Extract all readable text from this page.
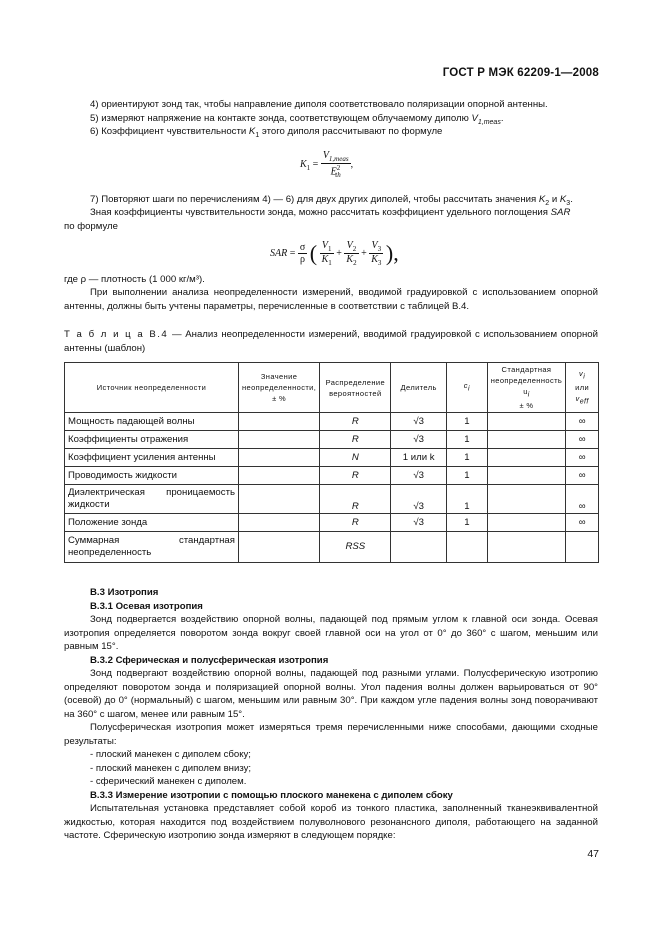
ГОСТ Р МЭК 62209-1—2008
4) ориентируют зонд так, чтобы направление диполя соответствовало поляризации опорной антенны.
5) измеряют напряжение на контакте зонда, соответствующем облучаемому диполю $V_{1,meas}$.
6) Коэффициент чувствительности $K_1$ этого диполя рассчитывают по формуле
$K_1 = \frac{V_{1,meas}}{E^2_{th}}$ ,
7) Повторяют шаги по перечислениям 4) — 6) для двух других диполей, чтобы рассчитать значения $K_2$ и $K_3$.
Зная коэффициенты чувствительности зонда, можно рассчитать коэффициент удельного поглощения SAR
по формуле
SAR = $\frac{\sigma}{\rho}$ ( $\frac{V_1}{K_1} + \frac{V_2}{K_2} + \frac{V_3}{K_3}$ ),
где ρ — плотность (1 000 кг/м³).

При выполнении анализа неопределенности измерений, вводимой градуировкой с использованием опорной антенны, должны быть учтены параметры, перечисленные в соответствии с таблицей В.4.

Т а б л и ц а В.4 — Анализ неопределенности измерений, вводимой градуировкой с использованием опорной антенны (шаблон)

Источник неопределенности	Значение неопределенности, ± %	Распределение вероятностей	Делитель	$c_i$	Стандартная неопределенность $u_i$
± %	$v_i$
или
$v_{eff}$
Мощность падающей волны		R	√3	1		∞
Коэффициенты отражения		R	√3	1		∞
Коэффициент усиления антенны		N	1 или k	1		∞
Проводимость жидкости		R	√3	1		∞
Диэлектрическая проницаемость жидкости		R	√3	1		∞
Положение зонда		R	√3	1		∞
Суммарная стандартная неопределенность		RSS				

В.3 Изотропия

В.3.1 Осевая изотропия

Зонд подвергается воздействию опорной волны, падающей под прямым углом к главной оси зонда. Осевая изотропия определяется поворотом зонда вокруг своей главной оси на угол от 0° до 360° с шагом, меньшим или равным 15°.

В.3.2 Сферическая и полусферическая изотропия

Зонд подвергают воздействию опорной волны, падающей под разными углами. Полусферическую изотропию определяют поворотом зонда и поляризацией опорной волны. Угол падения волны должен варьироваться от 90° (осевой) до 0° (нормальный) с шагом, меньшим или равным 30°. При каждом угле падения волны зонд поворачивают на 360° с шагом, менее или равным 15°.

Полусферическая изотропия может измеряться тремя перечисленными ниже способами, дающими сходные результаты:

- плоский манекен с диполем сбоку;

- плоский манекен с диполем внизу;

- сферический манекен с диполем.

В.3.3 Измерение изотропии с помощью плоского манекена с диполем сбоку

Испытательная установка представляет собой короб из тонкого пластика, заполненный тканеэквивалентной жидкостью, которая находится под воздействием полуволнового резонансного диполя, работающего на заданной частоте. Сферическую изотропию зонда измеряют в следующем порядке:

47
